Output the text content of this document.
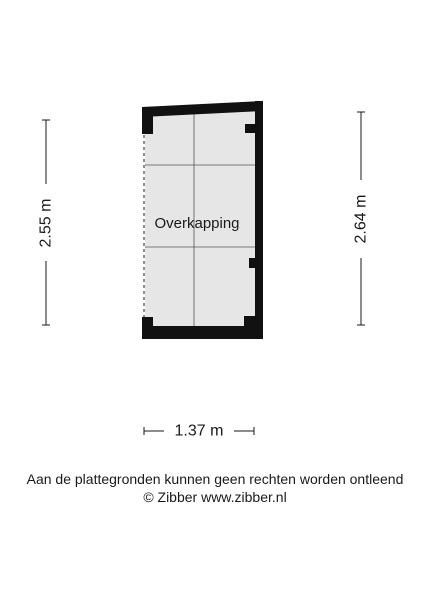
Overkapping
2.55 m	2.64 m
1.37 m
Aan de plattegronden kunnen geen rechten worden ontleend
© Zibber www.zibber.nl
